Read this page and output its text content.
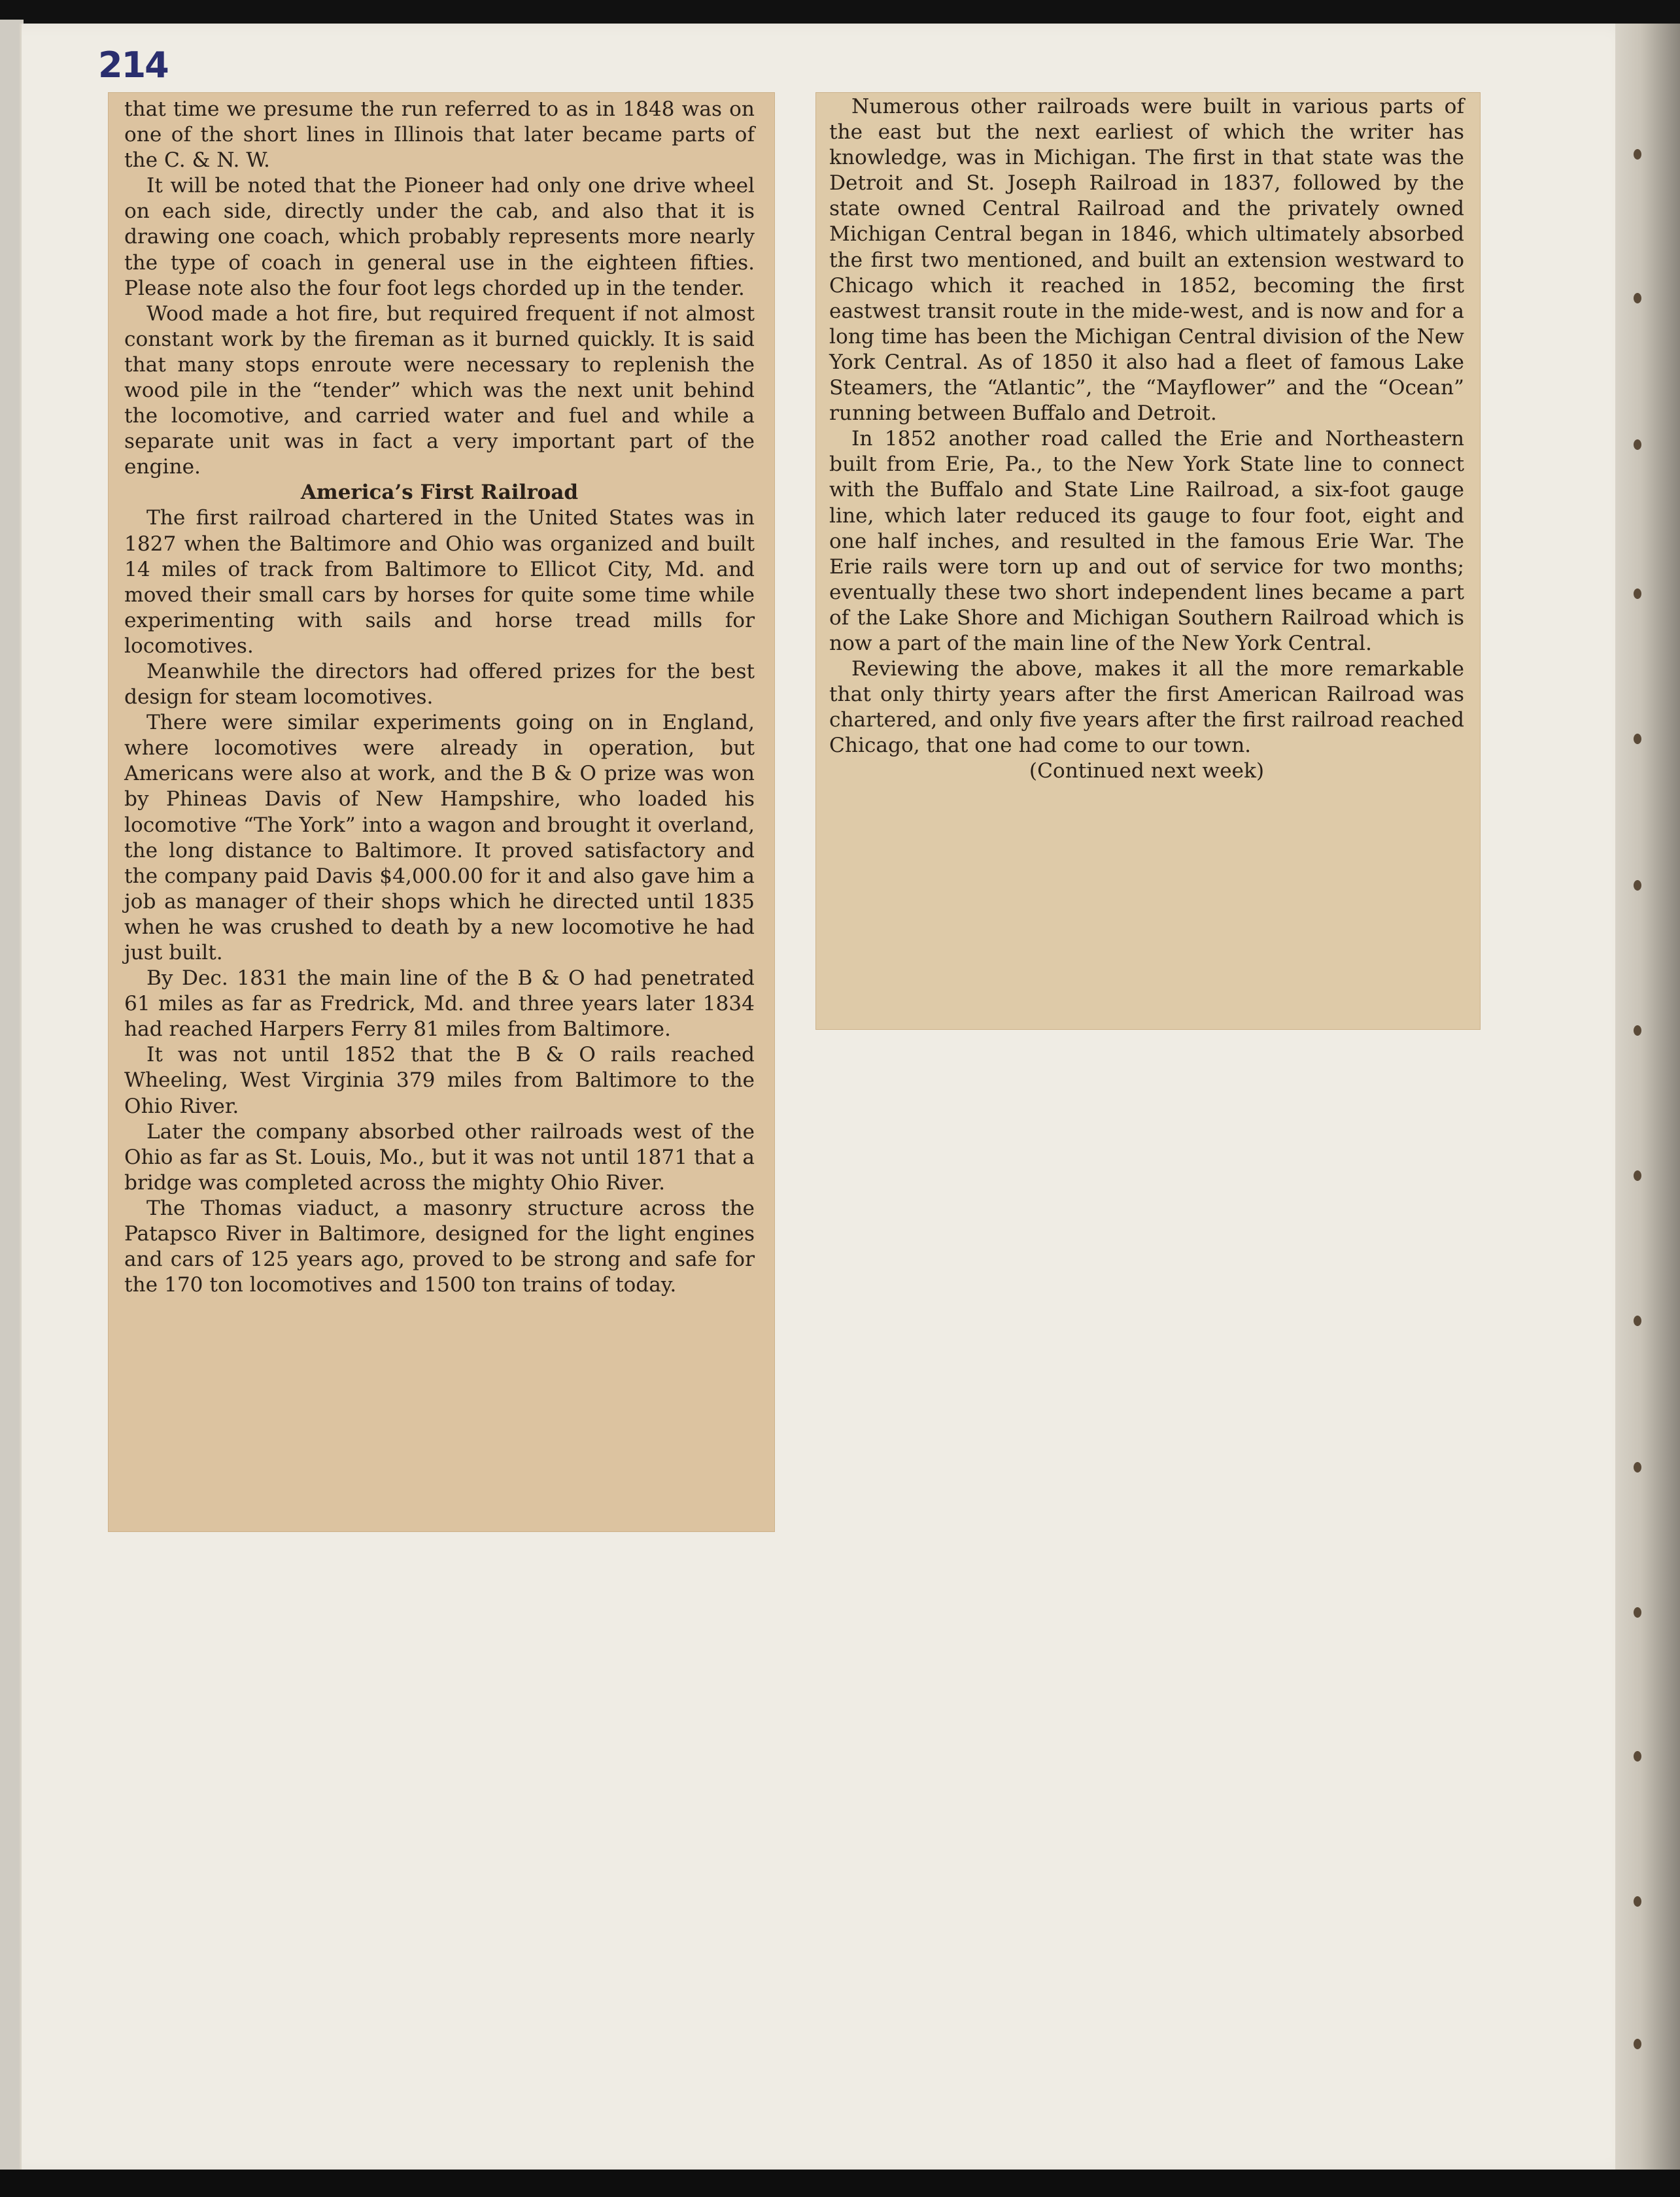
214

that time we presume the run referred to as in 1848 was on one of the short lines in Illinois that later became parts of the C. & N. W.

It will be noted that the Pioneer had only one drive wheel on each side, directly under the cab, and also that it is drawing one coach, which probably represents more nearly the type of coach in general use in the eighteen fifties. Please note also the four foot legs chorded up in the tender.

Wood made a hot fire, but required frequent if not almost constant work by the fireman as it burned quickly. It is said that many stops enroute were necessary to replenish the wood pile in the “tender” which was the next unit behind the locomotive, and carried water and fuel and while a separate unit was in fact a very important part of the engine.

America’s First Railroad

The first railroad chartered in the United States was in 1827 when the Baltimore and Ohio was organized and built 14 miles of track from Baltimore to Ellicot City, Md. and moved their small cars by horses for quite some time while experimenting with sails and horse tread mills for locomotives.

Meanwhile the directors had offered prizes for the best design for steam locomotives.

There were similar experiments going on in England, where locomotives were already in operation, but Americans were also at work, and the B & O prize was won by Phineas Davis of New Hampshire, who loaded his locomotive “The York” into a wagon and brought it overland, the long distance to Baltimore. It proved satisfactory and the company paid Davis $4,000.00 for it and also gave him a job as manager of their shops which he directed until 1835 when he was crushed to death by a new locomotive he had just built.

By Dec. 1831 the main line of the B & O had penetrated 61 miles as far as Fredrick, Md. and three years later 1834 had reached Harpers Ferry 81 miles from Baltimore.

It was not until 1852 that the B & O rails reached Wheeling, West Virginia 379 miles from Baltimore to the Ohio River.

Later the company absorbed other railroads west of the Ohio as far as St. Louis, Mo., but it was not until 1871 that a bridge was completed across the mighty Ohio River.

The Thomas viaduct, a masonry structure across the Patapsco River in Baltimore, designed for the light engines and cars of 125 years ago, proved to be strong and safe for the 170 ton locomotives and 1500 ton trains of today.

Numerous other railroads were built in various parts of the east but the next earliest of which the writer has knowledge, was in Michigan. The first in that state was the Detroit and St. Joseph Railroad in 1837, followed by the state owned Central Railroad and the privately owned Michigan Central began in 1846, which ultimately absorbed the first two mentioned, and built an extension westward to Chicago which it reached in 1852, becoming the first eastwest transit route in the mide-west, and is now and for a long time has been the Michigan Central division of the New York Central. As of 1850 it also had a fleet of famous Lake Steamers, the “Atlantic”, the “Mayflower” and the “Ocean” running between Buffalo and Detroit.

In 1852 another road called the Erie and Northeastern built from Erie, Pa., to the New York State line to connect with the Buffalo and State Line Railroad, a six-foot gauge line, which later reduced its gauge to four foot, eight and one half inches, and resulted in the famous Erie War. The Erie rails were torn up and out of service for two months; eventually these two short independent lines became a part of the Lake Shore and Michigan Southern Railroad which is now a part of the main line of the New York Central.

Reviewing the above, makes it all the more remarkable that only thirty years after the first American Railroad was chartered, and only five years after the first railroad reached Chicago, that one had come to our town.

(Continued next week)
